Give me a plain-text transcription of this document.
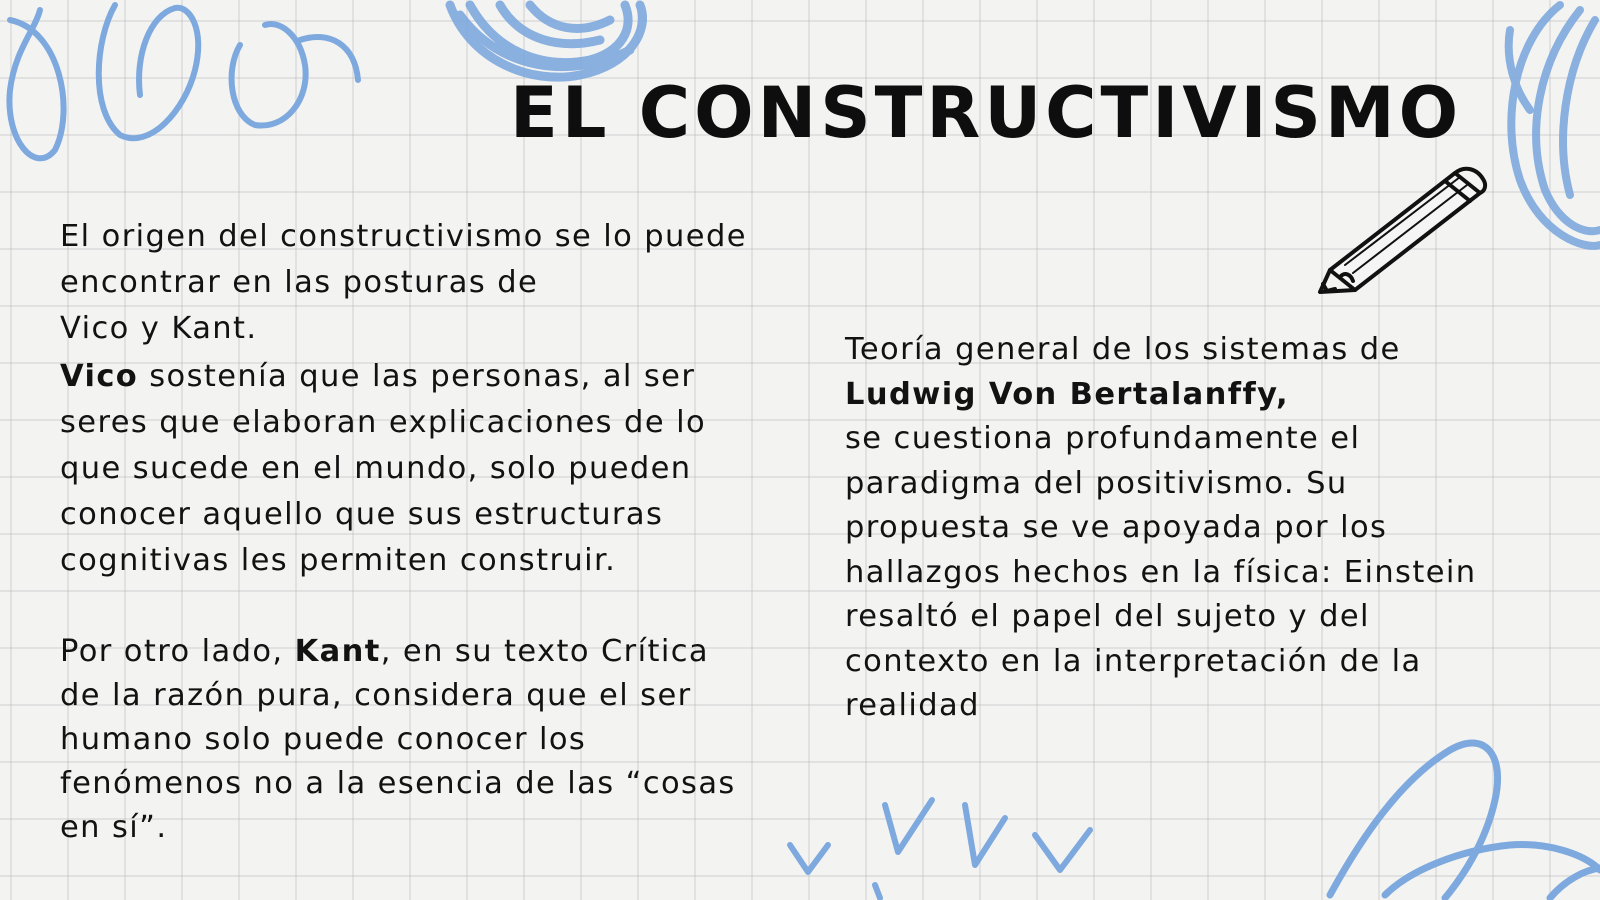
EL CONSTRUCTIVISMO

El origen del constructivismo se lo puede
encontrar en las posturas de
Vico y Kant.

Vico sostenía que las personas, al ser
seres que elaboran explicaciones de lo
que sucede en el mundo, solo pueden
conocer aquello que sus estructuras
cognitivas les permiten construir.

Por otro lado, Kant, en su texto Crítica
de la razón pura, considera que el ser
humano solo puede conocer los
fenómenos no a la esencia de las “cosas
en sí”.

Teoría general de los sistemas de
Ludwig Von Bertalanffy,
se cuestiona profundamente el
paradigma del positivismo. Su
propuesta se ve apoyada por los
hallazgos hechos en la física: Einstein
resaltó el papel del sujeto y del
contexto en la interpretación de la
realidad
